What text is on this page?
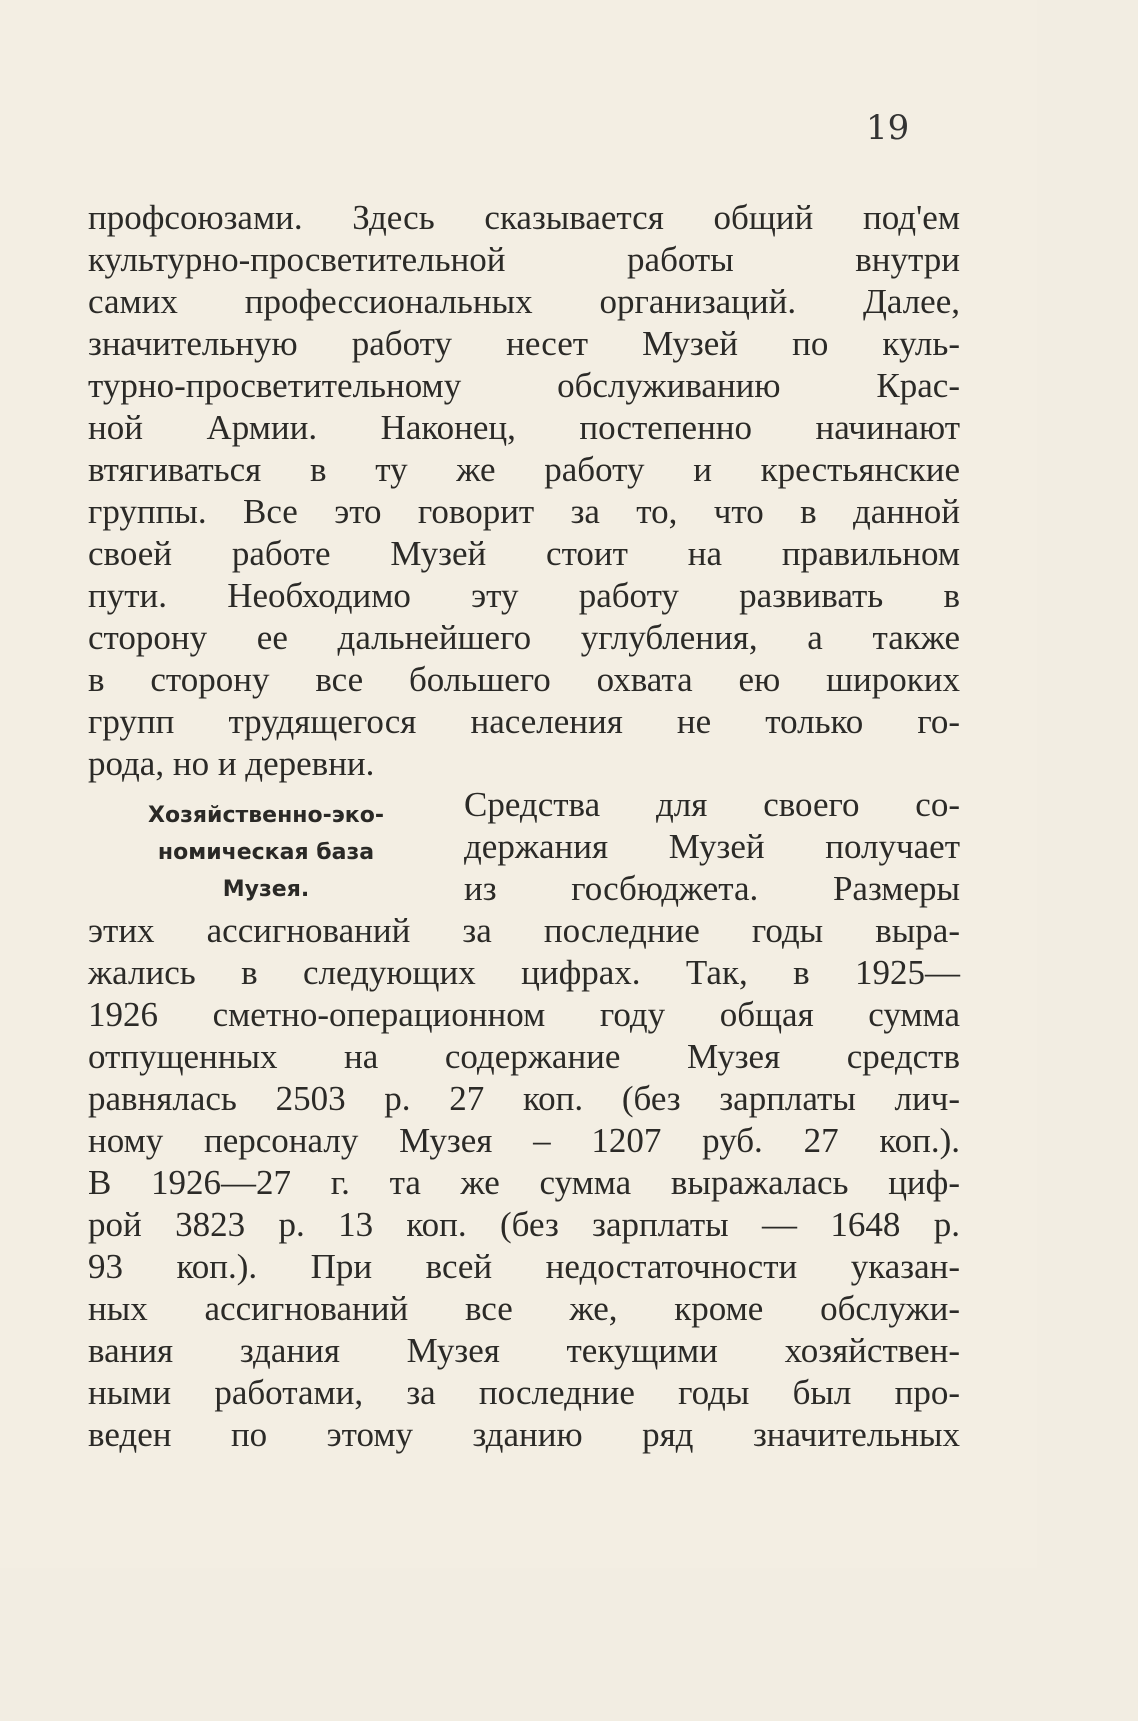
19
профсоюзами. Здесь сказывается общий под'ем
культурно-просветительной работы внутри
самих профессиональных организаций. Далее,
значительную работу несет Музей по куль-
турно-просветительному обслуживанию Крас-
ной Армии. Наконец, постепенно начинают
втягиваться в ту же работу и крестьянские
группы. Все это говорит за то, что в данной
своей работе Музей стоит на правильном
пути. Необходимо эту работу развивать в
сторону ее дальнейшего углубления, а также
в сторону все большего охвата ею широких
групп трудящегося населения не только го-
рода, но и деревни.
Хозяйственно-эко-
номическая база
Музея.
Средства для своего со-
держания Музей получает
из госбюджета. Размеры
этих ассигнований за последние годы выра-
жались в следующих цифрах. Так, в 1925—
1926 сметно-операционном году общая сумма
отпущенных на содержание Музея средств
равнялась 2503 р. 27 коп. (без зарплаты лич-
ному персоналу Музея – 1207 руб. 27 коп.).
В 1926—27 г. та же сумма выражалась циф-
рой 3823 р. 13 коп. (без зарплаты — 1648 р.
93 коп.). При всей недостаточности указан-
ных ассигнований все же, кроме обслужи-
вания здания Музея текущими хозяйствен-
ными работами, за последние годы был про-
веден по этому зданию ряд значительных
